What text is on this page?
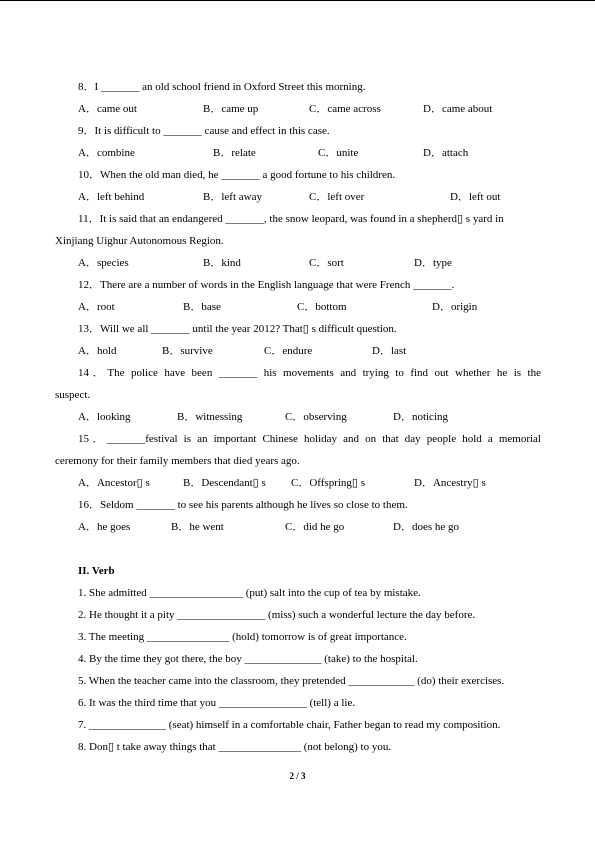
8．I _______ an old school friend in Oxford Street this morning.
A．came out	B．came up	C．came across	D．came about
9．It is difficult to _______ cause and effect in this case.
A．combine	B．relate	C．unite	D．attach
10．When the old man died, he _______ a good fortune to his children.
A．left behind	B．left away	C．left over	D．left out
11．It is said that an endangered _______, the snow leopard, was found in a shepherd▯ s yard in
Xinjiang Uighur Autonomous Region.
A．species	B．kind	C．sort	D．type
12．There are a number of words in the English language that were French _______.
A．root	B．base	C．bottom	D．origin
13．Will we all _______ until the year 2012? That▯ s difficult question.
A．hold	B．survive	C．endure	D．last
14．The police have been _______ his movements and trying to find out whether he is the
suspect.
A．looking	B．witnessing	C．observing	D．noticing
15．_______festival is an important Chinese holiday and on that day people hold a memorial
ceremony for their family members that died years ago.
A．Ancestor▯ s	B．Descendant▯ s C．Offspring▯ s	D．Ancestry▯ s
16．Seldom _______ to see his parents although he lives so close to them.
A．he goes	B．he went	C．did he go	D．does he go
II. Verb
1. She admitted _________________ (put) salt into the cup of tea by mistake.
2. He thought it a pity ________________ (miss) such a wonderful lecture the day before.
3. The meeting _______________ (hold) tomorrow is of great importance.
4. By the time they got there, the boy ______________ (take) to the hospital.
5. When the teacher came into the classroom, they pretended ____________ (do) their exercises.
6. It was the third time that you ________________ (tell) a lie.
7. ______________ (seat) himself in a comfortable chair, Father began to read my composition.
8. Don▯ t take away things that _______________ (not belong) to you.
2 / 3
